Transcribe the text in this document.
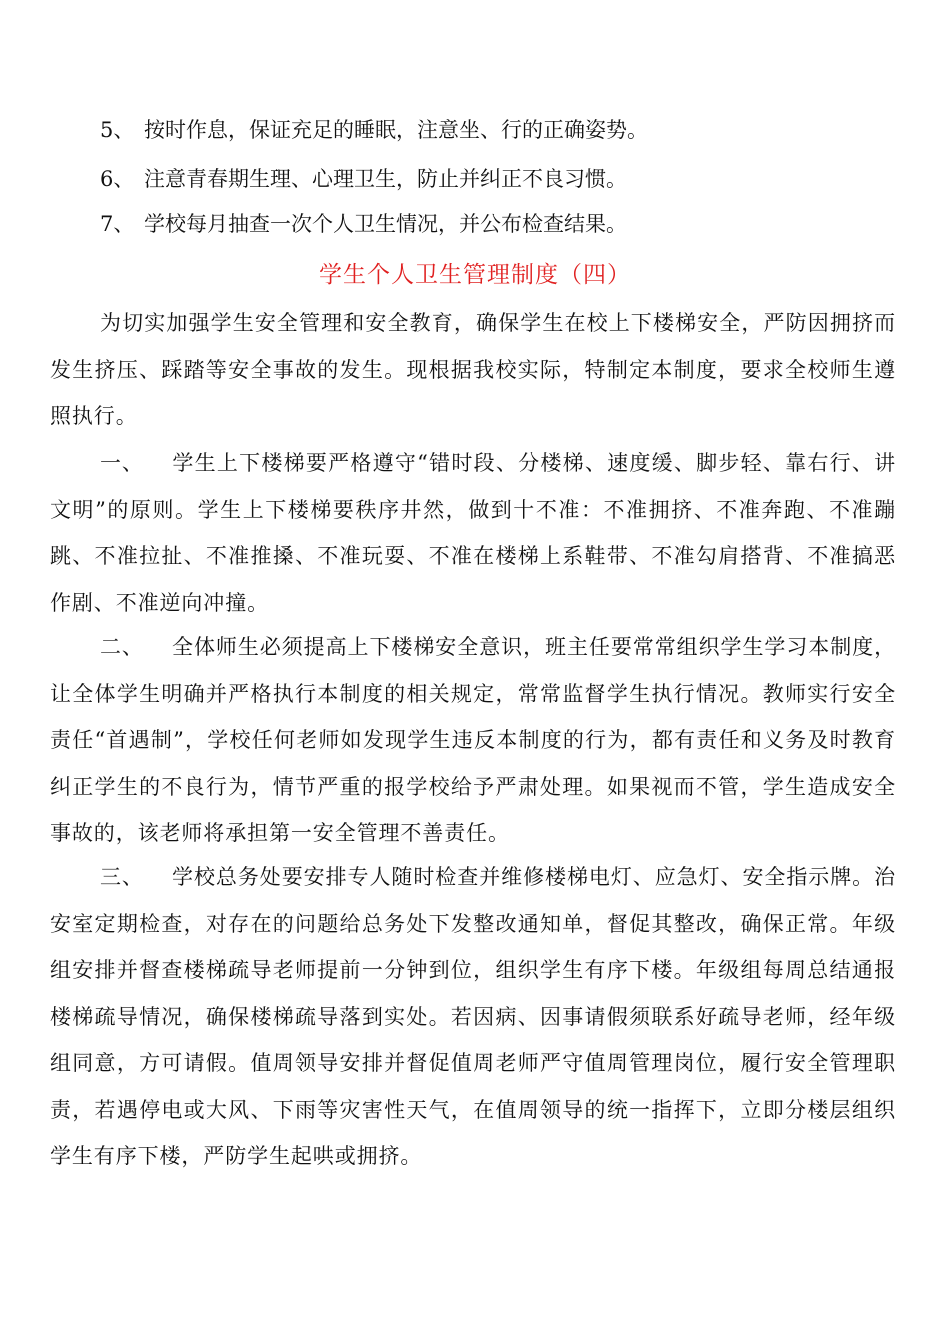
5、 按时作息，保证充足的睡眠，注意坐、行的正确姿势。
6、 注意青春期生理、心理卫生，防止并纠正不良习惯。
7、 学校每月抽查一次个人卫生情况，并公布检查结果。
学生个人卫生管理制度（四）

为切实加强学生安全管理和安全教育，确保学生在校上下楼梯安全，严防因拥挤而发生挤压、踩踏等安全事故的发生。现根据我校实际，特制定本制度，要求全校师生遵照执行。

一、 学生上下楼梯要严格遵守“错时段、分楼梯、速度缓、脚步轻、靠右行、讲文明”的原则。学生上下楼梯要秩序井然，做到十不准：不准拥挤、不准奔跑、不准蹦跳、不准拉扯、不准推搡、不准玩耍、不准在楼梯上系鞋带、不准勾肩搭背、不准搞恶作剧、不准逆向冲撞。

二、 全体师生必须提高上下楼梯安全意识，班主任要常常组织学生学习本制度，让全体学生明确并严格执行本制度的相关规定，常常监督学生执行情况。教师实行安全责任“首遇制”，学校任何老师如发现学生违反本制度的行为，都有责任和义务及时教育纠正学生的不良行为，情节严重的报学校给予严肃处理。如果视而不管，学生造成安全事故的，该老师将承担第一安全管理不善责任。

三、 学校总务处要安排专人随时检查并维修楼梯电灯、应急灯、安全指示牌。治安室定期检查，对存在的问题给总务处下发整改通知单，督促其整改，确保正常。年级组安排并督查楼梯疏导老师提前一分钟到位，组织学生有序下楼。年级组每周总结通报楼梯疏导情况，确保楼梯疏导落到实处。若因病、因事请假须联系好疏导老师，经年级组同意，方可请假。值周领导安排并督促值周老师严守值周管理岗位，履行安全管理职责，若遇停电或大风、下雨等灾害性天气，在值周领导的统一指挥下，立即分楼层组织学生有序下楼，严防学生起哄或拥挤。
